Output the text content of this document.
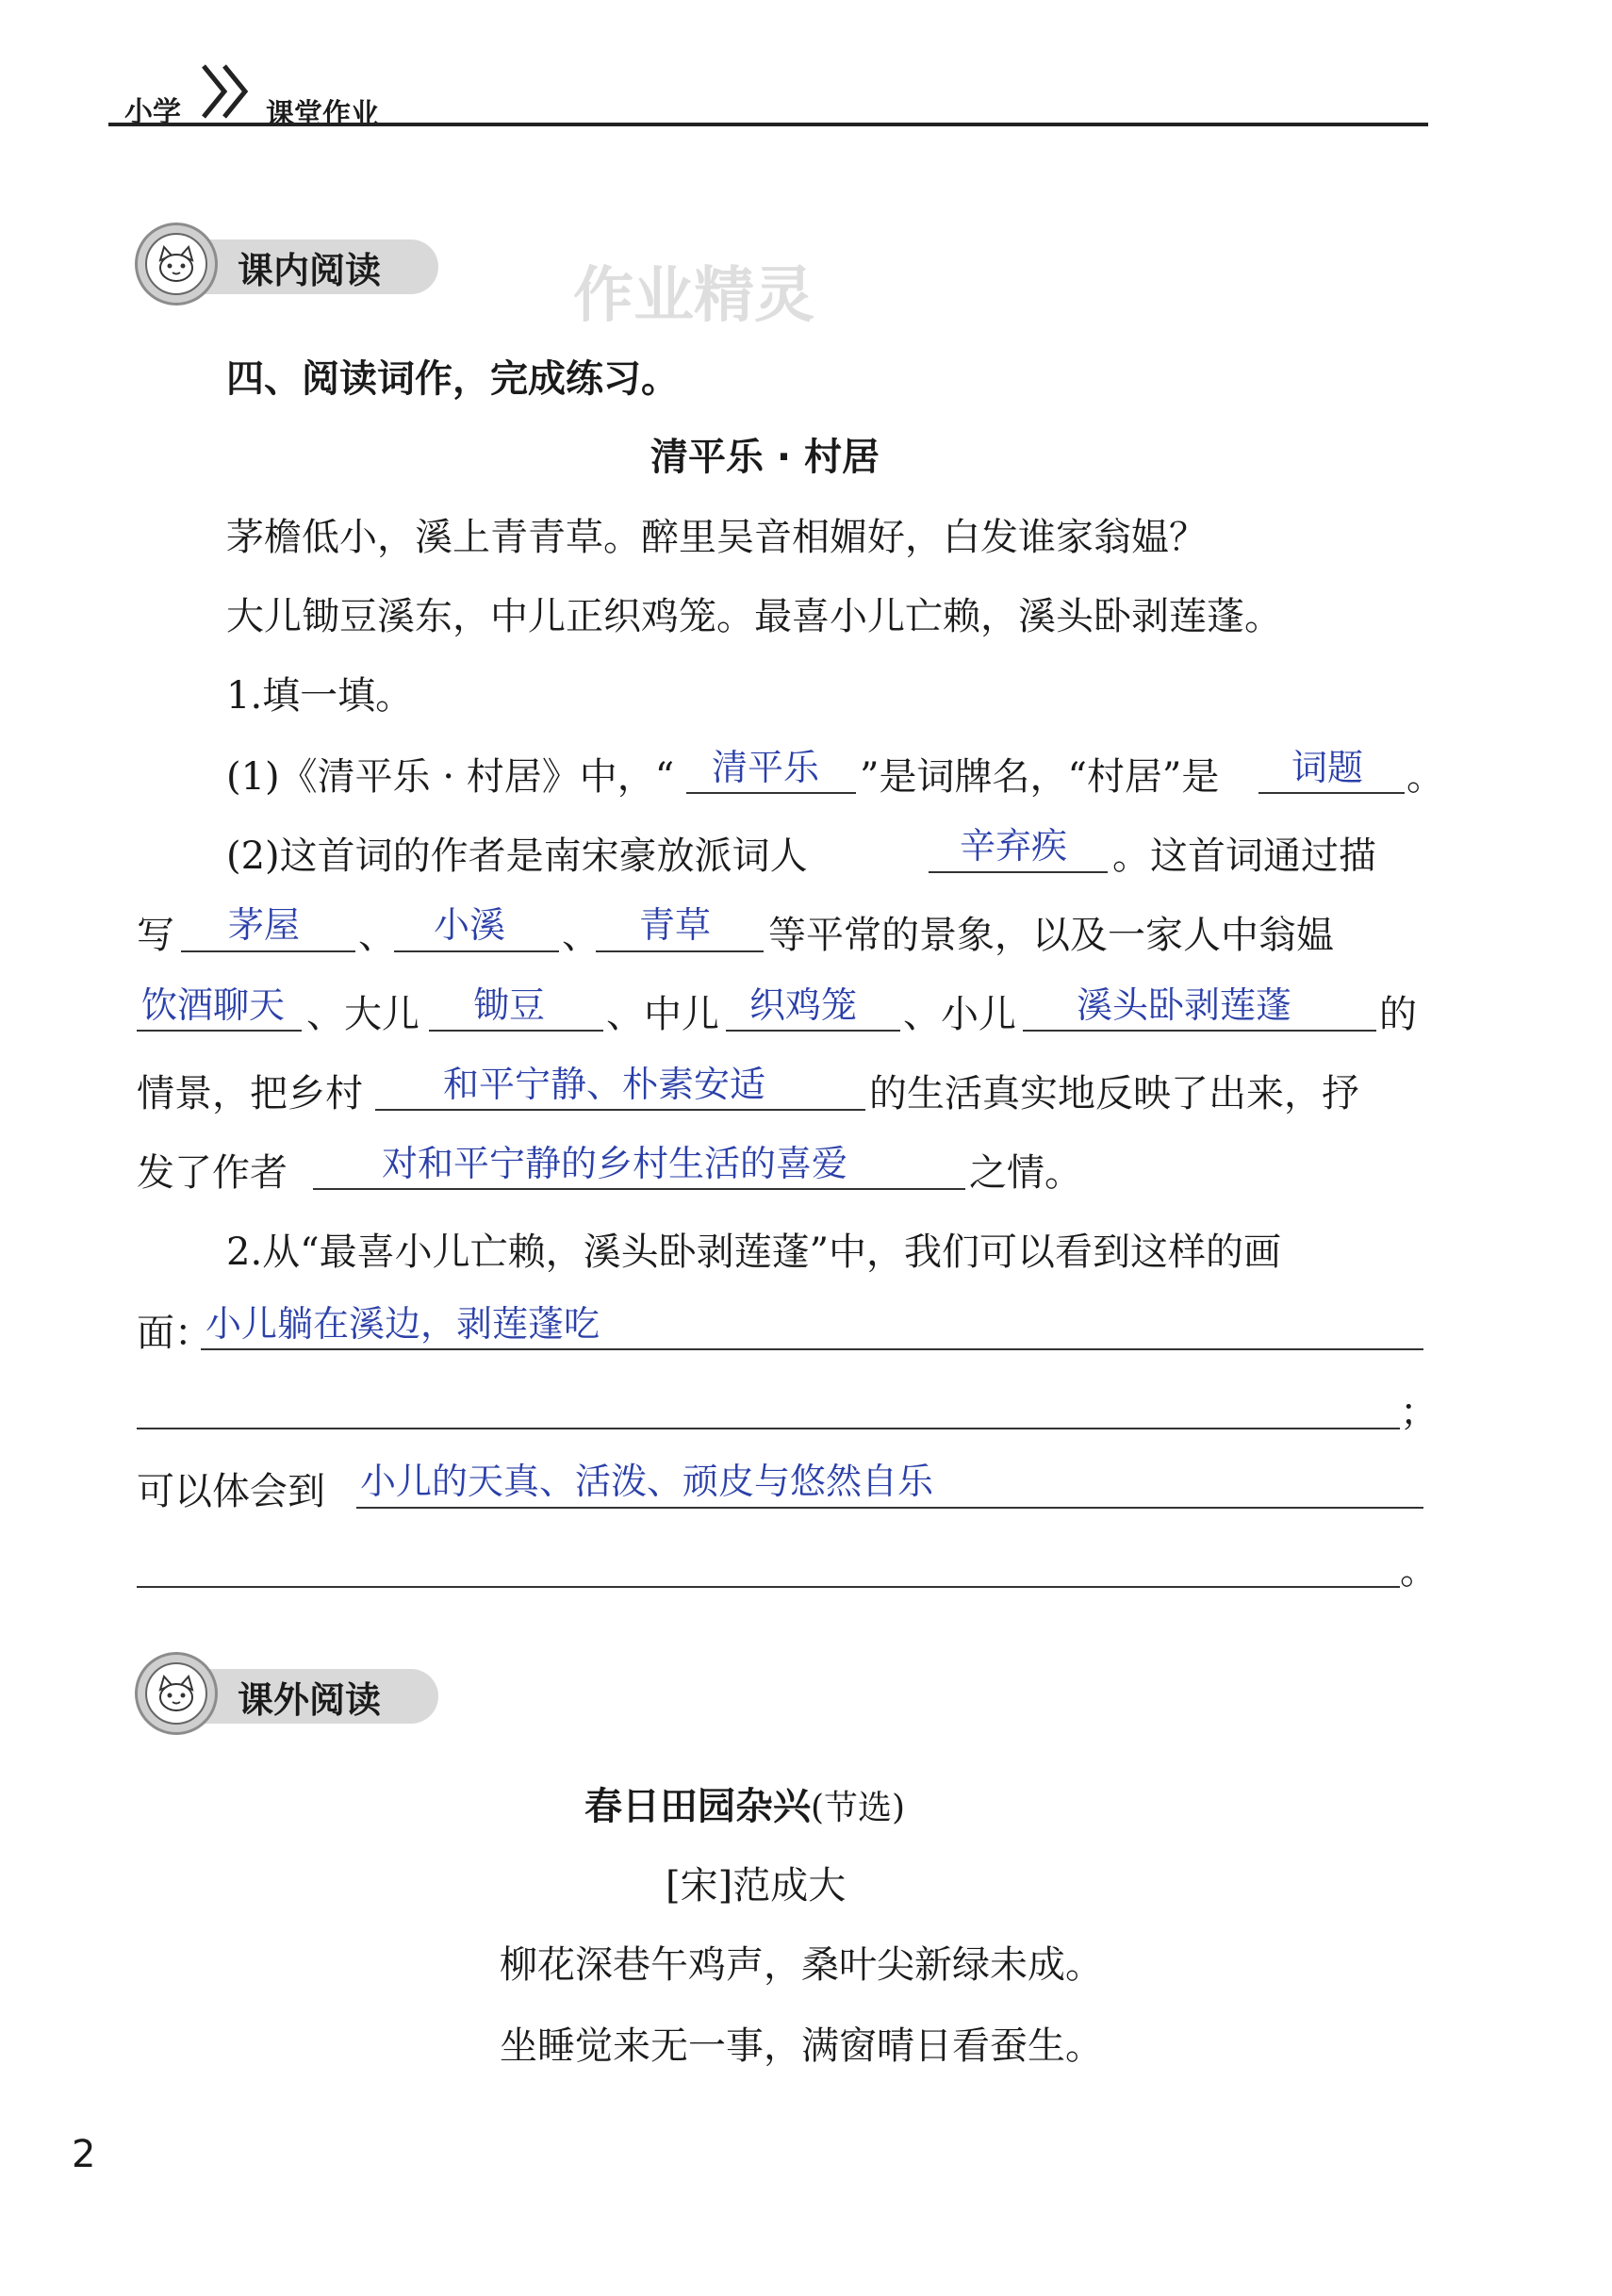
小学	课堂作业
课内阅读	作业精灵
四、阅读词作，完成练习。
清平乐 · 村居
茅檐低小，溪上青青草。醉里吴音相媚好，白发谁家翁媪？
大儿锄豆溪东，中儿正织鸡笼。最喜小儿亡赖，溪头卧剥莲蓬。
1.填一填。
(1)《清平乐 · 村居》中，“ 清平乐 ”是词牌名，“村居”是 词题 。
(2)这首词的作者是南宋豪放派词人	辛弃疾 。这首词通过描
写 茅屋 、 小溪 、 青草 等平常的景象，以及一家人中翁媪
饮酒聊天 、大儿 锄豆 、中儿 织鸡笼 、小儿 溪头卧剥莲蓬 的
情景，把乡村 和平宁静、朴素安适	的生活真实地反映了出来，抒
发了作者	对和平宁静的乡村生活的喜爱	之情。
2.从“最喜小儿亡赖，溪头卧剥莲蓬”中，我们可以看到这样的画
面：
小儿躺在溪边，剥莲蓬吃
；
可以体会到 小儿的天真、活泼、顽皮与悠然自乐
。
课外阅读
春日田园杂兴(节选)
[宋]范成大
柳花深巷午鸡声，桑叶尖新绿未成。
坐睡觉来无一事，满窗晴日看蚕生。
2
